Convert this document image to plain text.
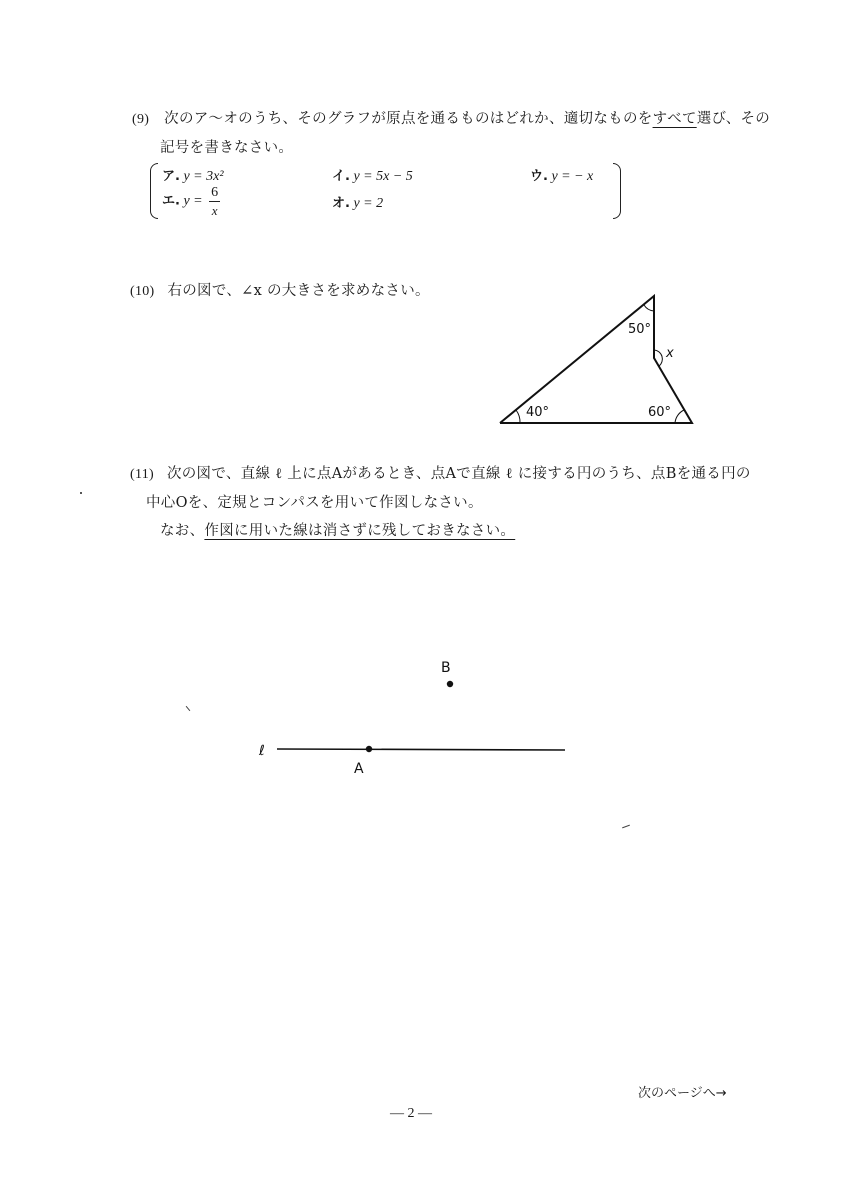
(9) 次のア～オのうち、そのグラフが原点を通るものはどれか、適切なものをすべて選び、その
記号を書きなさい。
ア. y = 3x²	イ. y = 5x − 5	ウ. y = − x
エ. $y = \frac{6}{x}$	オ. y = 2
(10) 右の図で、∠x の大きさを求めなさい。
50°
x
40°	60°
(11) 次の図で、直線 ℓ 上に点Aがあるとき、点Aで直線 ℓ に接する円のうち、点Bを通る円の
中心Oを、定規とコンパスを用いて作図しなさい。
なお、作図に用いた線は消さずに残しておきなさい。
ℓ
A
B
次のページへ→
— 2 —
